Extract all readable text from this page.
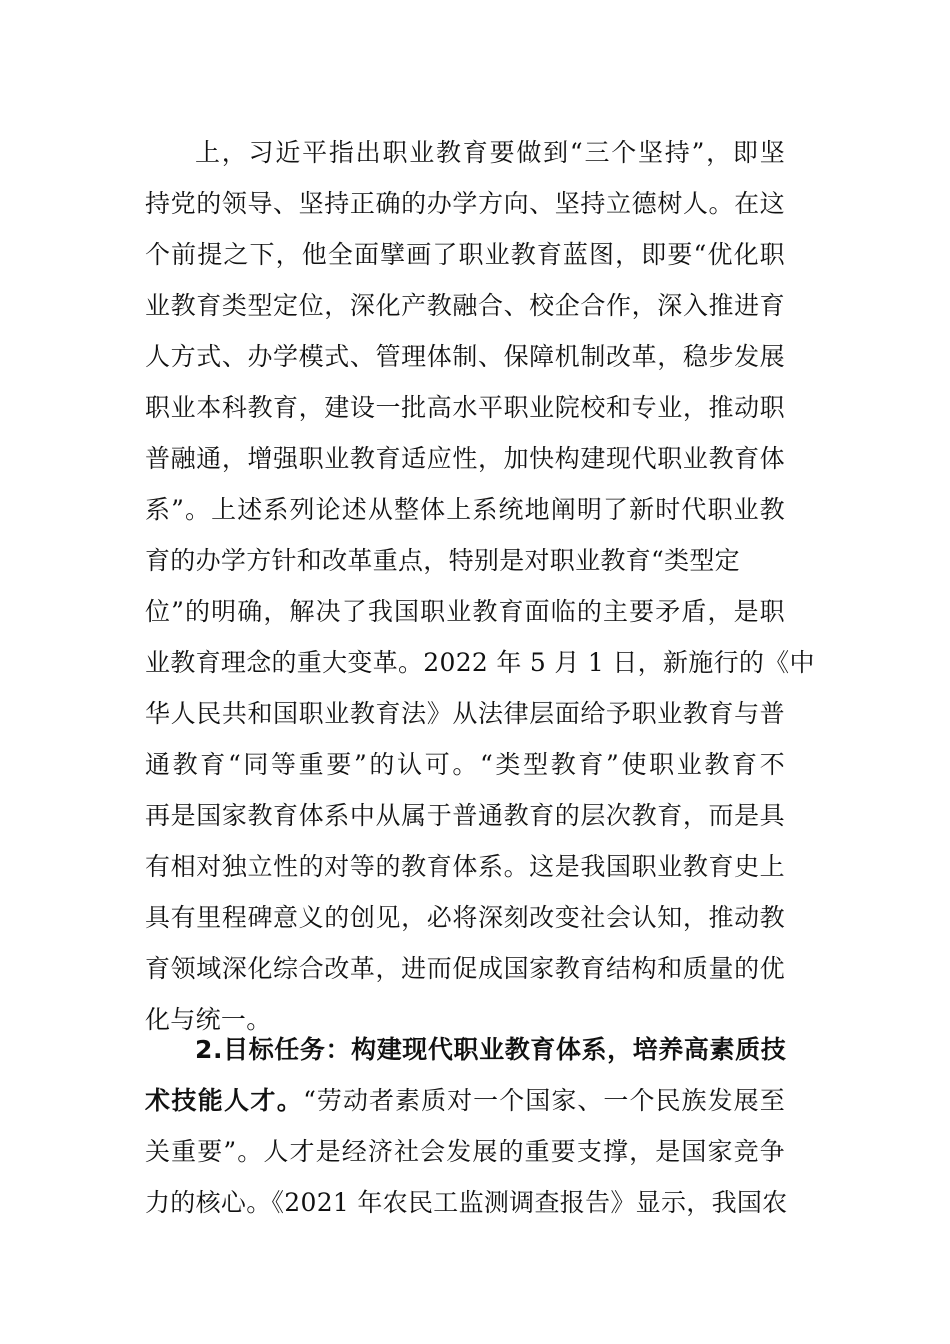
上，习近平指出职业教育要做到“三个坚持”，即坚
持党的领导、坚持正确的办学方向、坚持立德树人。在这
个前提之下，他全面擘画了职业教育蓝图，即要“优化职
业教育类型定位，深化产教融合、校企合作，深入推进育
人方式、办学模式、管理体制、保障机制改革，稳步发展
职业本科教育，建设一批高水平职业院校和专业，推动职
普融通，增强职业教育适应性，加快构建现代职业教育体
系”。上述系列论述从整体上系统地阐明了新时代职业教
育的办学方针和改革重点，特别是对职业教育“类型定
位”的明确，解决了我国职业教育面临的主要矛盾，是职
业教育理念的重大变革。2022 年 5 月 1 日，新施行的《中
华人民共和国职业教育法》从法律层面给予职业教育与普
通教育“同等重要”的认可。“类型教育”使职业教育不
再是国家教育体系中从属于普通教育的层次教育，而是具
有相对独立性的对等的教育体系。这是我国职业教育史上
具有里程碑意义的创见，必将深刻改变社会认知，推动教
育领域深化综合改革，进而促成国家教育结构和质量的优
化与统一。
2.目标任务：构建现代职业教育体系，培养高素质技
术技能人才。“劳动者素质对一个国家、一个民族发展至
关重要”。人才是经济社会发展的重要支撑，是国家竞争
力的核心。《2021 年农民工监测调查报告》显示，我国农
